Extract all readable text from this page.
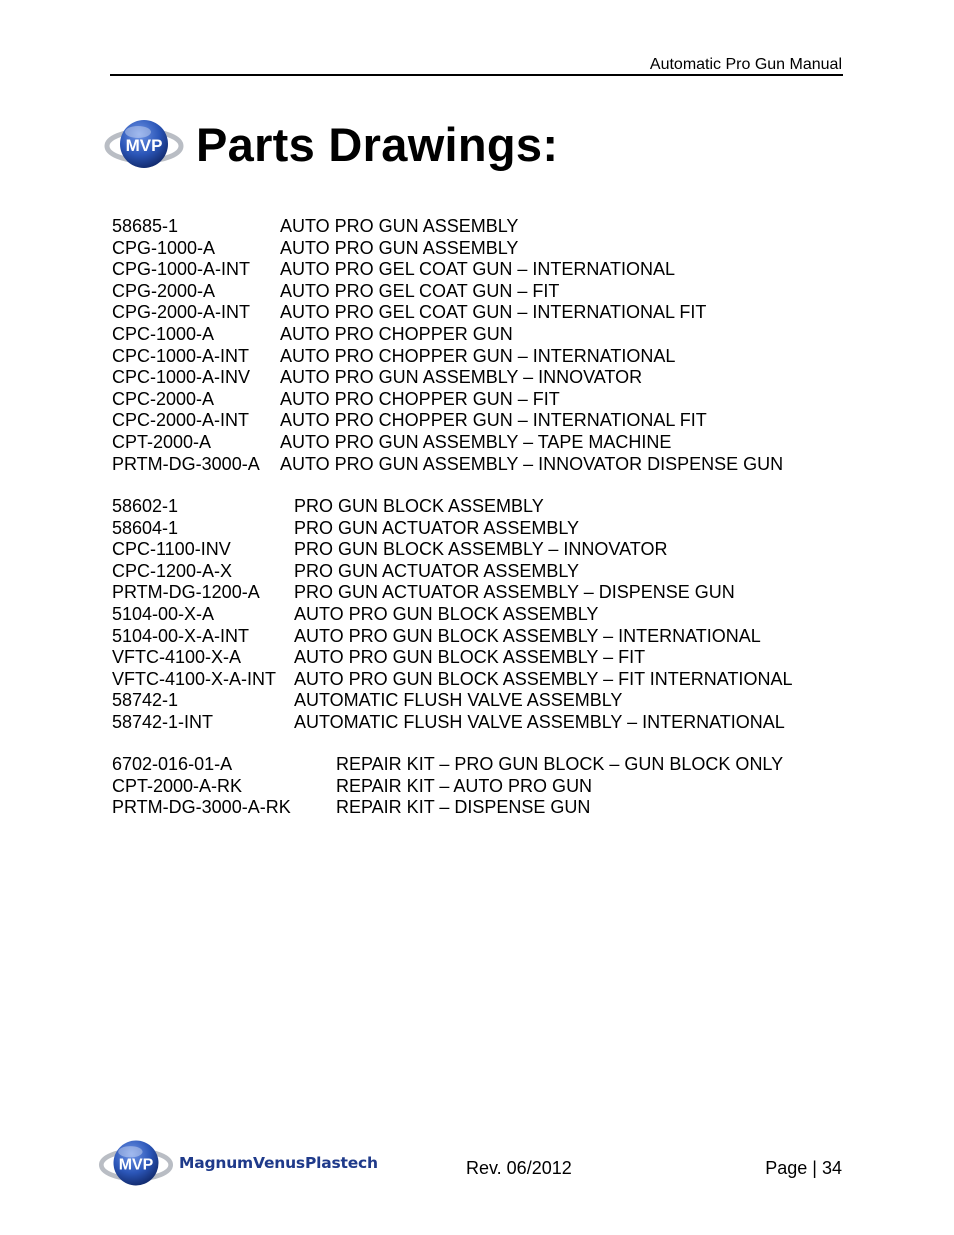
Automatic Pro Gun Manual
MVP Parts Drawings:
58685-1	AUTO PRO GUN ASSEMBLY
CPG-1000-A	AUTO PRO GUN ASSEMBLY
CPG-1000-A-INT	AUTO PRO GEL COAT GUN – INTERNATIONAL
CPG-2000-A	AUTO PRO GEL COAT GUN – FIT
CPG-2000-A-INT	AUTO PRO GEL COAT GUN – INTERNATIONAL FIT
CPC-1000-A	AUTO PRO CHOPPER GUN
CPC-1000-A-INT	AUTO PRO CHOPPER GUN – INTERNATIONAL
CPC-1000-A-INV	AUTO PRO GUN ASSEMBLY – INNOVATOR
CPC-2000-A	AUTO PRO CHOPPER GUN – FIT
CPC-2000-A-INT	AUTO PRO CHOPPER GUN – INTERNATIONAL FIT
CPT-2000-A	AUTO PRO GUN ASSEMBLY – TAPE MACHINE
PRTM-DG-3000-A	AUTO PRO GUN ASSEMBLY – INNOVATOR DISPENSE GUN
58602-1	PRO GUN BLOCK ASSEMBLY
58604-1	PRO GUN ACTUATOR ASSEMBLY
CPC-1100-INV	PRO GUN BLOCK ASSEMBLY – INNOVATOR
CPC-1200-A-X	PRO GUN ACTUATOR ASSEMBLY
PRTM-DG-1200-A	PRO GUN ACTUATOR ASSEMBLY – DISPENSE GUN
5104-00-X-A	AUTO PRO GUN BLOCK ASSEMBLY
5104-00-X-A-INT	AUTO PRO GUN BLOCK ASSEMBLY – INTERNATIONAL
VFTC-4100-X-A	AUTO PRO GUN BLOCK ASSEMBLY – FIT
VFTC-4100-X-A-INT AUTO PRO GUN BLOCK ASSEMBLY – FIT INTERNATIONAL
58742-1	AUTOMATIC FLUSH VALVE ASSEMBLY
58742-1-INT	AUTOMATIC FLUSH VALVE ASSEMBLY – INTERNATIONAL
6702-016-01-A	REPAIR KIT – PRO GUN BLOCK – GUN BLOCK ONLY
CPT-2000-A-RK	REPAIR KIT – AUTO PRO GUN
PRTM-DG-3000-A-RK	REPAIR KIT – DISPENSE GUN
MVP MagnumVenusPlastech	Rev. 06/2012	Page | 34
